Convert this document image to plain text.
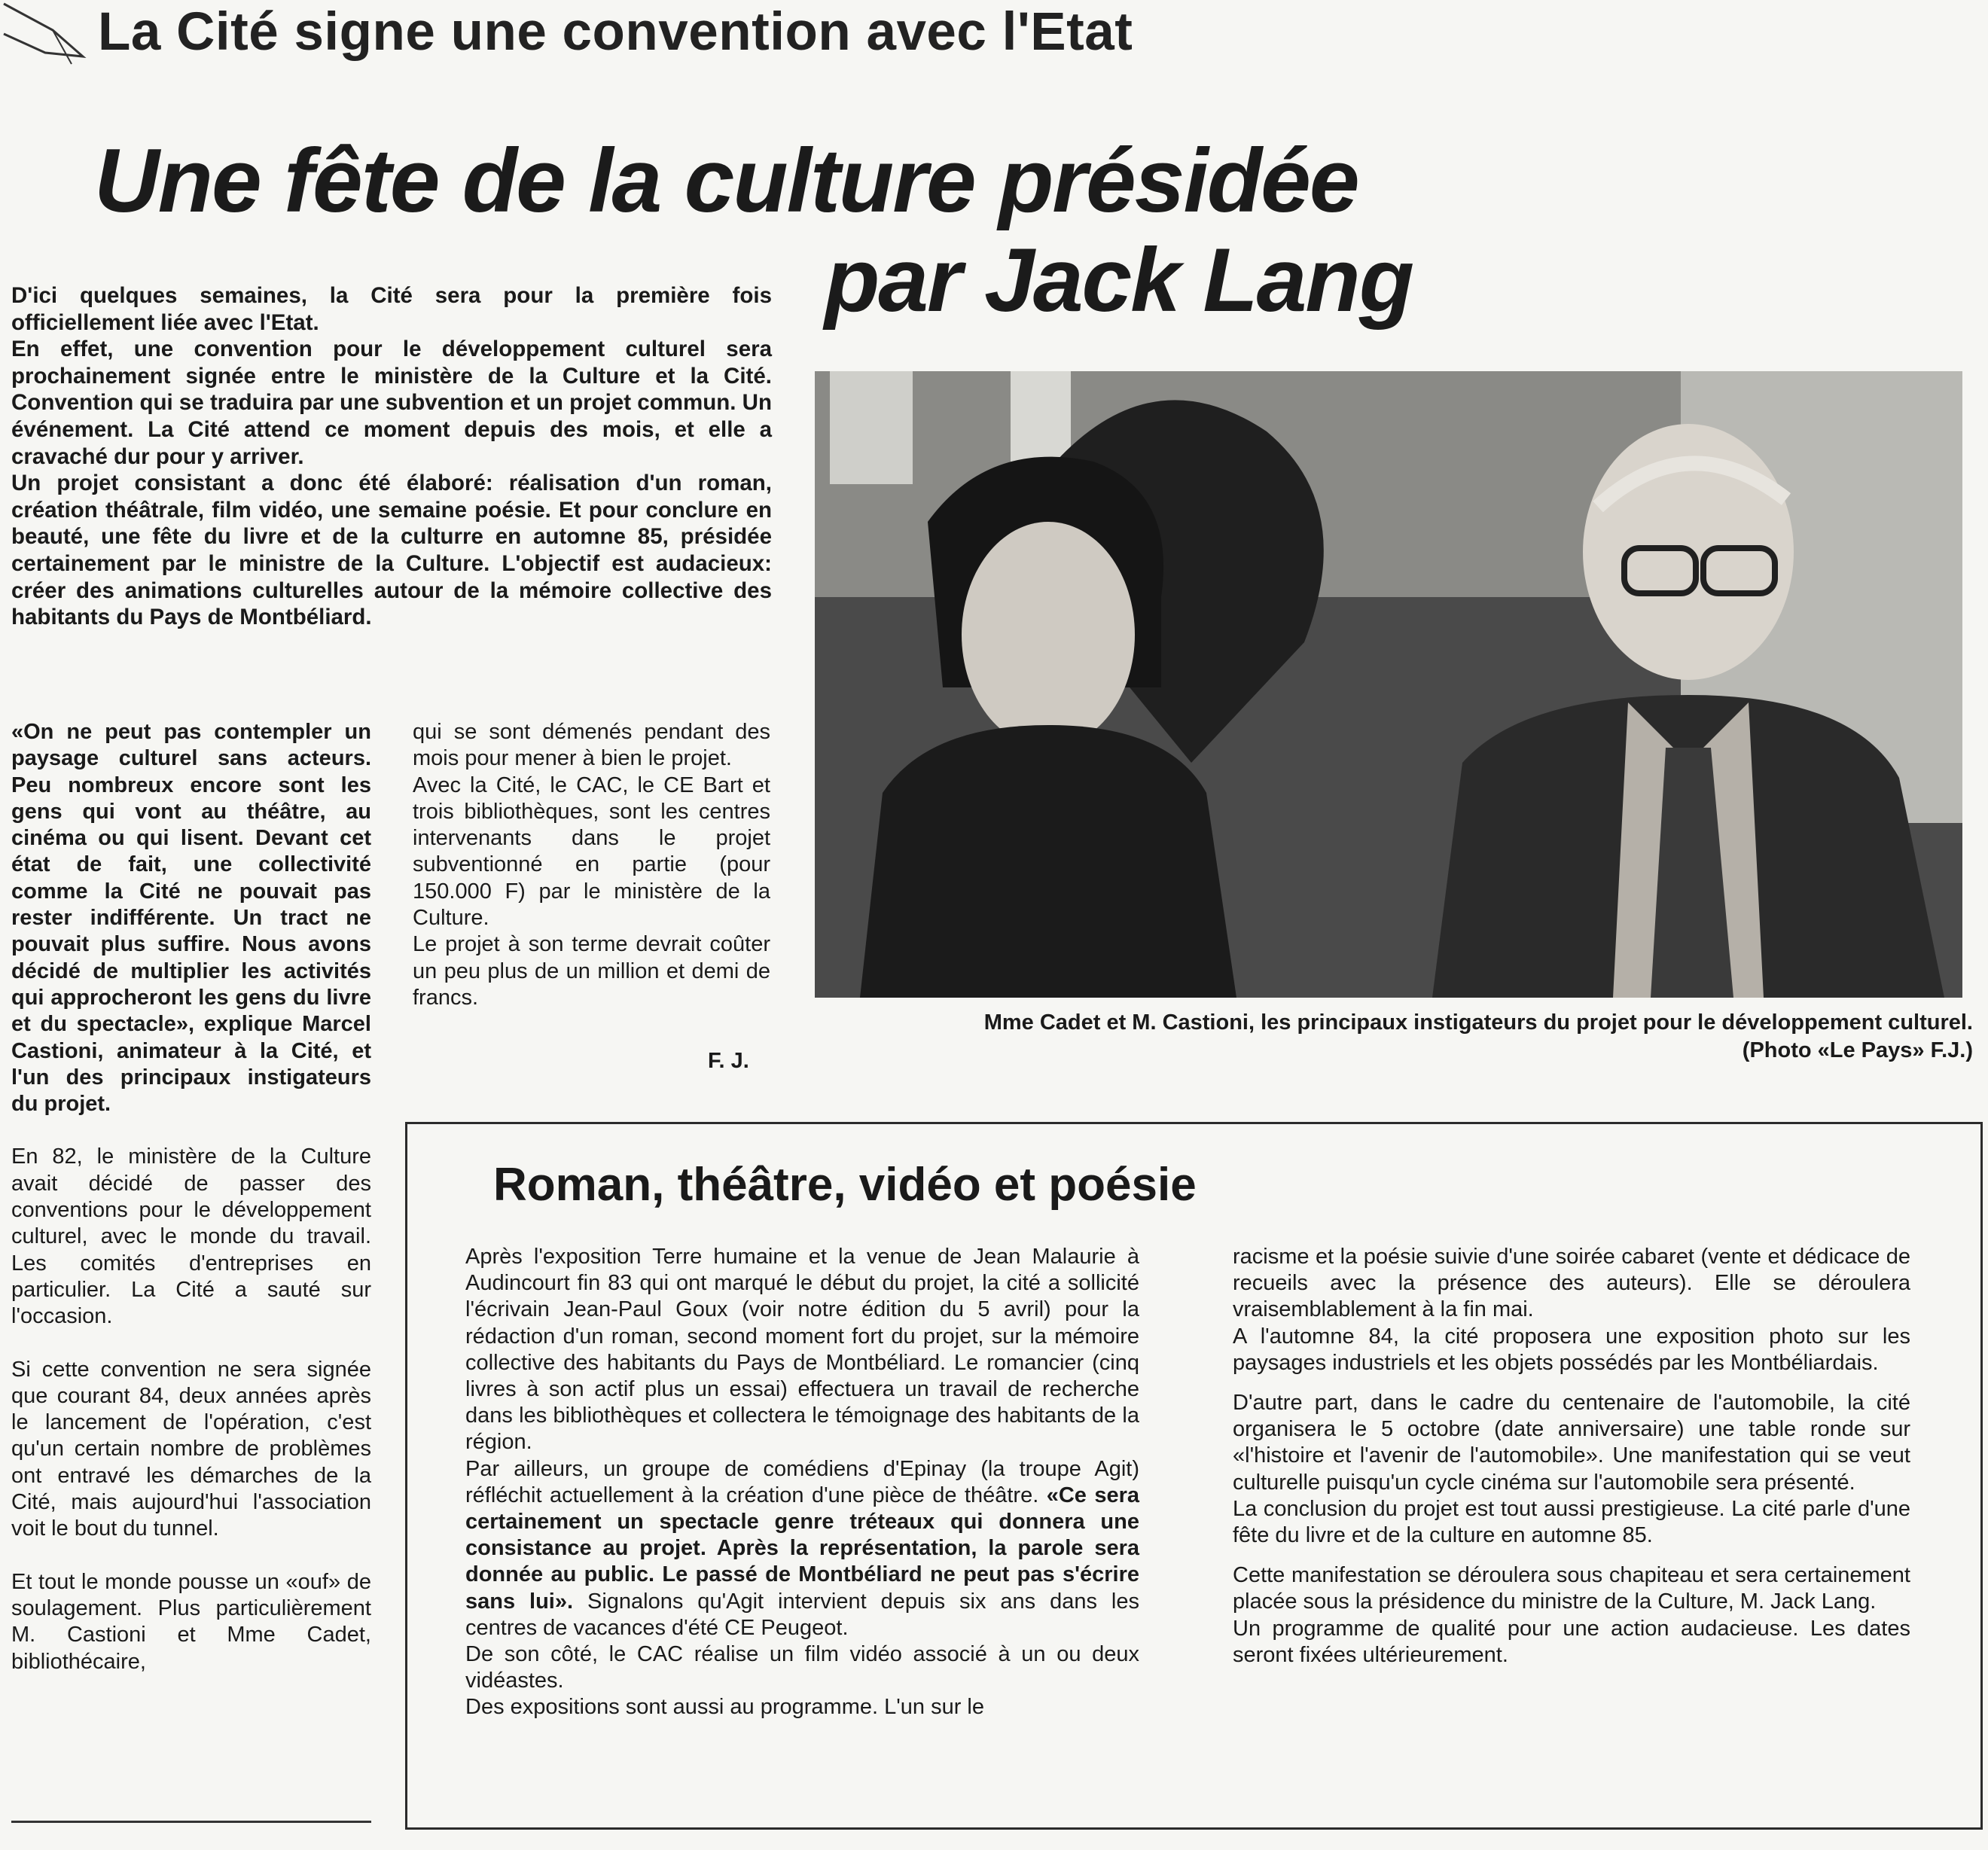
La Cité signe une convention avec l'Etat
Une fête de la culture présidée
par Jack Lang

D'ici quelques semaines, la Cité sera pour la première fois officiellement liée avec l'Etat.

En effet, une convention pour le développement culturel sera prochainement signée entre le ministère de la Culture et la Cité. Convention qui se traduira par une subvention et un projet commun. Un événement. La Cité attend ce moment depuis des mois, et elle a cravaché dur pour y arriver.

Un projet consistant a donc été élaboré: réalisation d'un roman, création théâtrale, film vidéo, une semaine poésie. Et pour conclure en beauté, une fête du livre et de la culturre en automne 85, présidée certainement par le ministre de la Culture. L'objectif est audacieux: créer des animations culturelles autour de la mémoire collective des habitants du Pays de Montbéliard.

«On ne peut pas contempler un paysage culturel sans acteurs. Peu nombreux encore sont les gens qui vont au théâtre, au cinéma ou qui lisent. Devant cet état de fait, une collectivité comme la Cité ne pouvait pas rester indifférente. Un tract ne pouvait plus suffire. Nous avons décidé de multiplier les activités qui approcheront les gens du livre et du spectacle», explique Marcel Castioni, animateur à la Cité, et l'un des principaux instigateurs du projet.

En 82, le ministère de la Culture avait décidé de passer des conventions pour le développement culturel, avec le monde du travail. Les comités d'entreprises en particulier. La Cité a sauté sur l'occasion.

Si cette convention ne sera signée que courant 84, deux années après le lancement de l'opération, c'est qu'un certain nombre de problèmes ont entravé les démarches de la Cité, mais aujourd'hui l'association voit le bout du tunnel.

Et tout le monde pousse un «ouf» de soulagement. Plus particulièrement M. Castioni et Mme Cadet, bibliothécaire,

qui se sont démenés pendant des mois pour mener à bien le projet.

Avec la Cité, le CAC, le CE Bart et trois bibliothèques, sont les centres intervenants dans le projet subventionné en partie (pour 150.000 F) par le ministère de la Culture.

Le projet à son terme devrait coûter un peu plus de un million et demi de francs.

F. J.
Mme Cadet et M. Castioni, les principaux instigateurs du projet pour le développement culturel.
(Photo «Le Pays» F.J.)
Roman, théâtre, vidéo et poésie

Après l'exposition Terre humaine et la venue de Jean Malaurie à Audincourt fin 83 qui ont marqué le début du projet, la cité a sollicité l'écrivain Jean-Paul Goux (voir notre édition du 5 avril) pour la rédaction d'un roman, second moment fort du projet, sur la mémoire collective des habitants du Pays de Montbéliard. Le romancier (cinq livres à son actif plus un essai) effectuera un travail de recherche dans les bibliothèques et collectera le témoignage des habitants de la région.

Par ailleurs, un groupe de comédiens d'Epinay (la troupe Agit) réfléchit actuellement à la création d'une pièce de théâtre. «Ce sera certainement un spectacle genre tréteaux qui donnera une consistance au projet. Après la représentation, la parole sera donnée au public. Le passé de Montbéliard ne peut pas s'écrire sans lui». Signalons qu'Agit intervient depuis six ans dans les centres de vacances d'été CE Peugeot.

De son côté, le CAC réalise un film vidéo associé à un ou deux vidéastes.

Des expositions sont aussi au programme. L'un sur le

racisme et la poésie suivie d'une soirée cabaret (vente et dédicace de recueils avec la présence des auteurs). Elle se déroulera vraisemblablement à la fin mai.

A l'automne 84, la cité proposera une exposition photo sur les paysages industriels et les objets possédés par les Montbéliardais.

D'autre part, dans le cadre du centenaire de l'automobile, la cité organisera le 5 octobre (date anniversaire) une table ronde sur «l'histoire et l'avenir de l'automobile». Une manifestation qui se veut culturelle puisqu'un cycle cinéma sur l'automobile sera présenté.

La conclusion du projet est tout aussi prestigieuse. La cité parle d'une fête du livre et de la culture en automne 85.

Cette manifestation se déroulera sous chapiteau et sera certainement placée sous la présidence du ministre de la Culture, M. Jack Lang.

Un programme de qualité pour une action audacieuse. Les dates seront fixées ultérieurement.
